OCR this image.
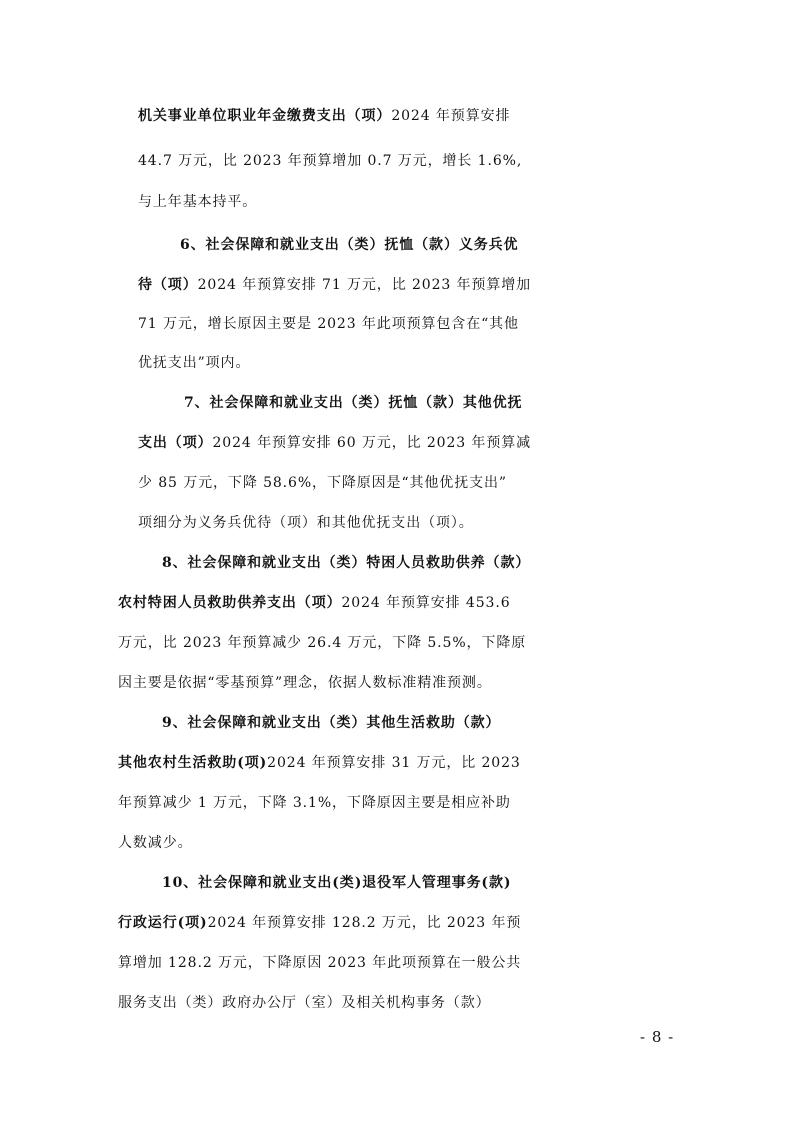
机关事业单位职业年金缴费支出（项）2024 年预算安排

44.7 万元，比 2023 年预算增加 0.7 万元，增长 1.6%,

与上年基本持平。

6、社会保障和就业支出（类）抚恤（款）义务兵优

待（项）2024 年预算安排 71 万元，比 2023 年预算增加

71 万元，增长原因主要是 2023 年此项预算包含在“其他

优抚支出”项内。

7、社会保障和就业支出（类）抚恤（款）其他优抚

支出（项）2024 年预算安排 60 万元，比 2023 年预算减

少 85 万元，下降 58.6%，下降原因是“其他优抚支出”

项细分为义务兵优待（项）和其他优抚支出（项）。

8、社会保障和就业支出（类）特困人员救助供养（款）

农村特困人员救助供养支出（项）2024 年预算安排 453.6

万元，比 2023 年预算减少 26.4 万元，下降 5.5%，下降原

因主要是依据“零基预算”理念，依据人数标准精准预测。

9、社会保障和就业支出（类）其他生活救助（款）

其他农村生活救助(项)2024 年预算安排 31 万元，比 2023

年预算减少 1 万元，下降 3.1%，下降原因主要是相应补助

人数减少。

10、社会保障和就业支出(类)退役军人管理事务(款)

行政运行(项)2024 年预算安排 128.2 万元，比 2023 年预

算增加 128.2 万元，下降原因 2023 年此项预算在一般公共

服务支出（类）政府办公厅（室）及相关机构事务（款）

- 8 -
